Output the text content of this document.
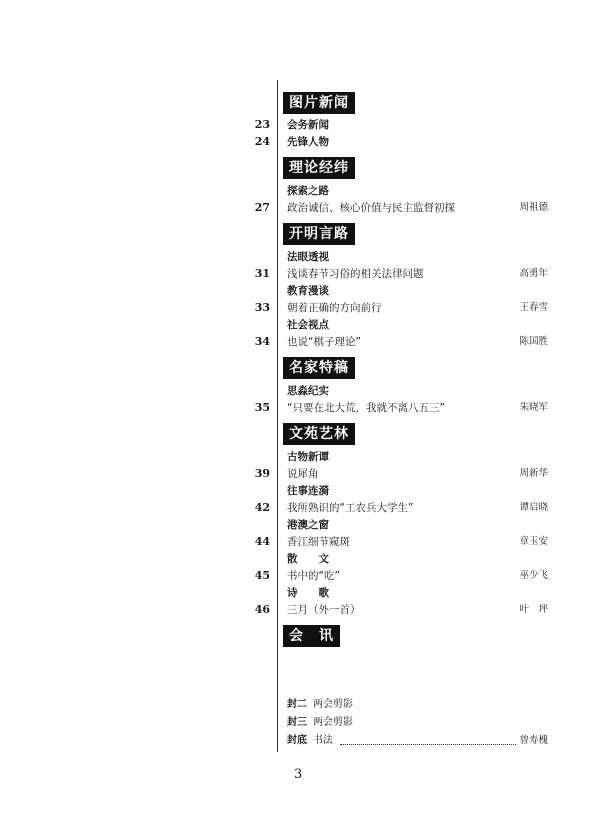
图片新闻
23 会务新闻
24 先锋人物
理论经纬
探索之路
27 政治诚信、核心价值与民主监督初探	周祖德
开明言路
法眼透视
31 浅谈春节习俗的相关法律问题	高勇年
教育漫谈
33 朝着正确的方向前行	王春雪
社会视点
34 也说“棋子理论”	陈国胜
名家特稿
思淼纪实
35 “只要在北大荒，我就不离八五三”	朱晓军
文苑艺林
古物新谭
39 说犀角	周新华
往事连漪
42 我所熟识的“工农兵大学生”	谭启晓
港澳之窗
44 香江细节窥斑	章玉安
散　　文
45 书中的“吃”	巫少飞
诗　　歌
46 三月（外一首）	叶　坪
会　讯
封二 两会剪影
封三 两会剪影
封底 书法	曾寿槐
3
